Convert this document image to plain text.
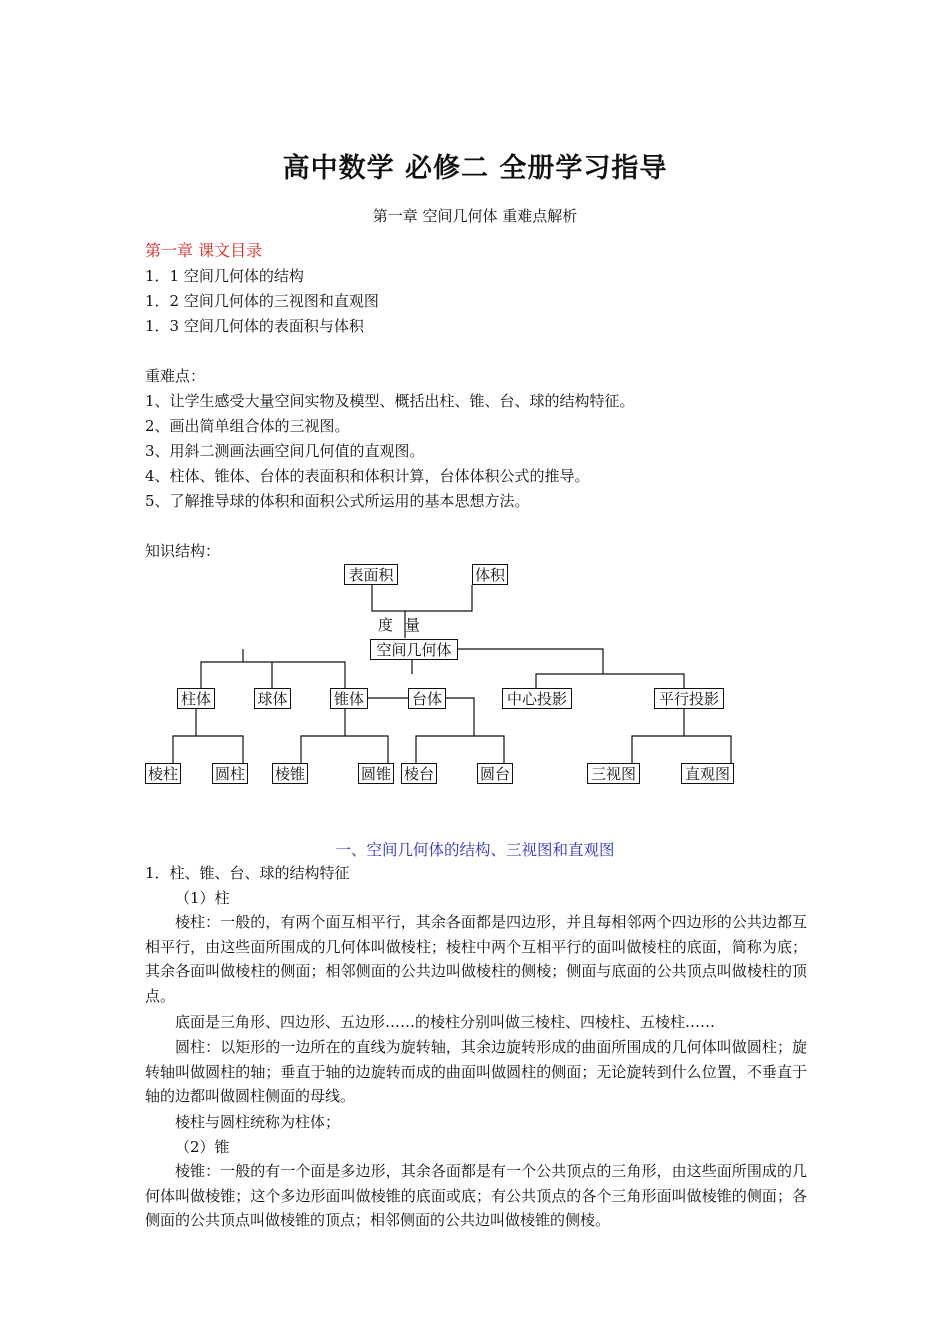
高中数学 必修二 全册学习指导
第一章 空间几何体 重难点解析
第一章 课文目录
1．1 空间几何体的结构
1．2 空间几何体的三视图和直观图
1．3 空间几何体的表面积与体积
重难点：
1、让学生感受大量空间实物及模型、概括出柱、锥、台、球的结构特征。
2、画出简单组合体的三视图。
3、用斜二测画法画空间几何值的直观图。
4、柱体、锥体、台体的表面积和体积计算，台体体积公式的推导。
5、了解推导球的体积和面积公式所运用的基本思想方法。
知识结构：
表面积	体积
度 量
空间几何体
柱体	球体	锥体	台体	中心投影	平行投影
棱柱 圆柱 棱锥	圆锥 棱台	圆台	三视图	直观图
一、空间几何体的结构、三视图和直观图
1．柱、锥、台、球的结构特征
（1）柱
棱柱：一般的，有两个面互相平行，其余各面都是四边形，并且每相邻两个四边形的公共边都互相平行，由这些面所围成的几何体叫做棱柱；棱柱中两个互相平行的面叫做棱柱的底面，简称为底；其余各面叫做棱柱的侧面；相邻侧面的公共边叫做棱柱的侧棱；侧面与底面的公共顶点叫做棱柱的顶点。
底面是三角形、四边形、五边形……的棱柱分别叫做三棱柱、四棱柱、五棱柱……
圆柱：以矩形的一边所在的直线为旋转轴，其余边旋转形成的曲面所围成的几何体叫做圆柱；旋转轴叫做圆柱的轴；垂直于轴的边旋转而成的曲面叫做圆柱的侧面；无论旋转到什么位置，不垂直于轴的边都叫做圆柱侧面的母线。
棱柱与圆柱统称为柱体；
（2）锥
棱锥：一般的有一个面是多边形，其余各面都是有一个公共顶点的三角形，由这些面所围成的几何体叫做棱锥；这个多边形面叫做棱锥的底面或底；有公共顶点的各个三角形面叫做棱锥的侧面；各侧面的公共顶点叫做棱锥的顶点；相邻侧面的公共边叫做棱锥的侧棱。
